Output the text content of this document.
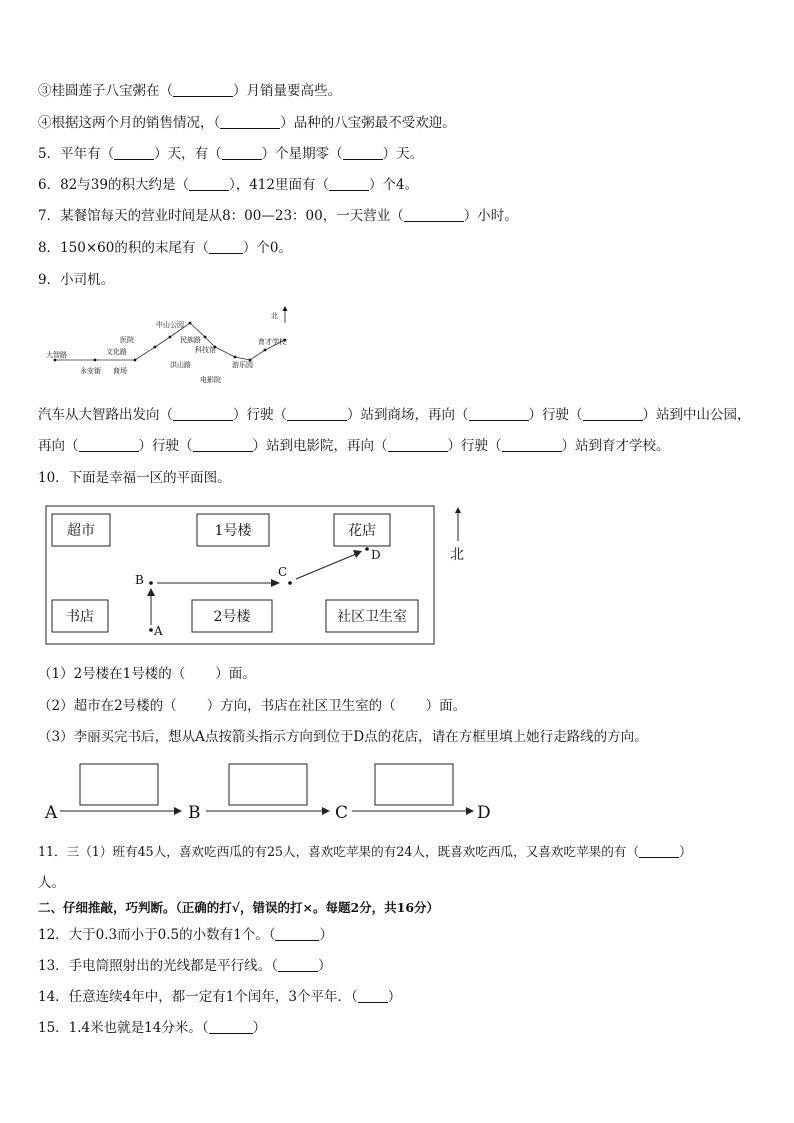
③桂圆莲子八宝粥在（	）月销量要高些。
④根据这两个月的销售情况，（	）品种的八宝粥最不受欢迎。
5．平年有（	）天，有（	）个星期零（	）天。
6．82与39的积大约是（	），412里面有（	）个4。
7．某餐馆每天的营业时间是从8：00—23：00，一天营业（	）小时。
8．150×60的积的末尾有（	）个0。
9．小司机。
大智路
永安街 商场
文化路
医院
中山公园
民族路
科技馆
洪山路
电影院
游乐园
育才学校
北
汽车从大智路出发向（	）行驶（	）站到商场，再向（	）行驶（	）站到中山公园，
再向（	）行驶（	）站到电影院，再向（	）行驶（	）站到育才学校。
10．下面是幸福一区的平面图。
超市	1号楼	花店
书店	2号楼	社区卫生室
A
B
C
D	北
（1）2号楼在1号楼的（ ）面。
（2）超市在2号楼的（ ）方向，书店在社区卫生室的（ ）面。
（3）李丽买完书后，想从A点按箭头指示方向到位于D点的花店，请在方框里填上她行走路线的方向。
A	B	C	D
11．三（1）班有45人，喜欢吃西瓜的有25人，喜欢吃苹果的有24人，既喜欢吃西瓜，又喜欢吃苹果的有（	）
人。
二、仔细推敲，巧判断。（正确的打√，错误的打×。每题2分，共16分）
12．大于0.3而小于0.5的小数有1个。（	）
13．手电筒照射出的光线都是平行线。（	）
14．任意连续4年中，都一定有1个闰年，3个平年．（ ）
15．1.4米也就是14分米。（	）
